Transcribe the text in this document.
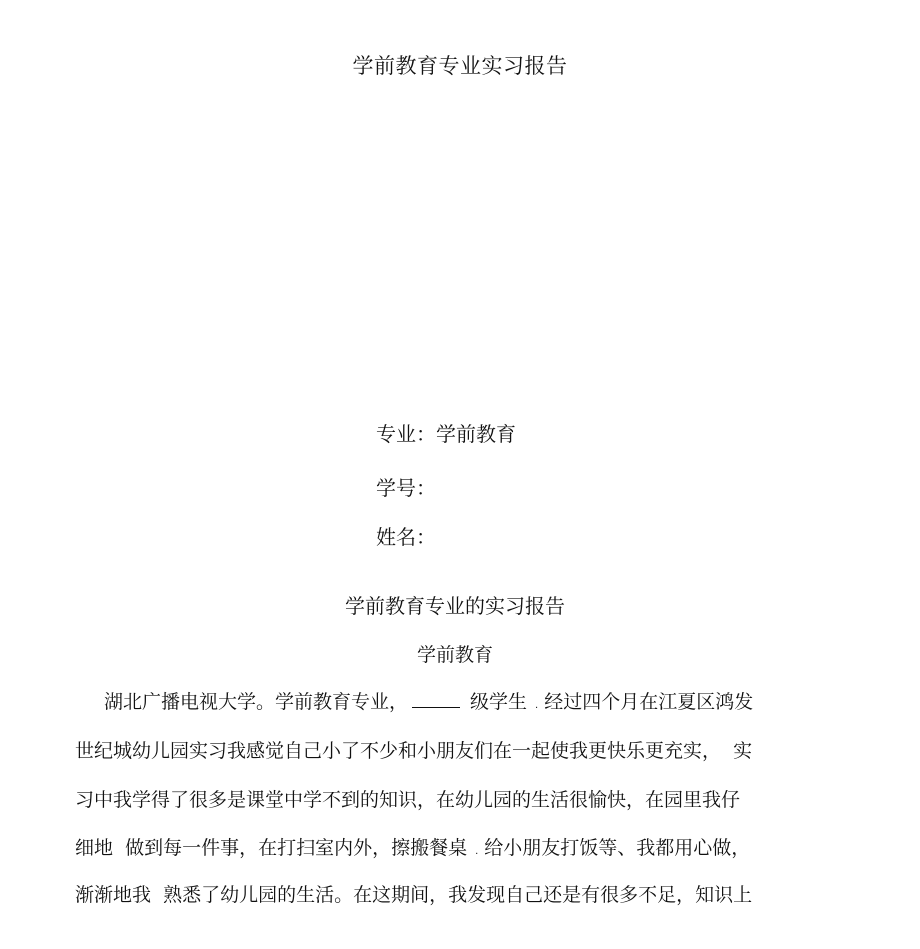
学前教育专业实习报告
专业：学前教育
学号：
姓名：
学前教育专业的实习报告
学前教育
湖北广播电视大学。学前教育专业，	级学生 . 经过四个月在江夏区鸿发
世纪城幼儿园实习我感觉自己小了不少和小朋友们在一起使我更快乐更充实，  实
习中我学得了很多是课堂中学不到的知识，在幼儿园的生活很愉快，在园里我仔
细地  做到每一件事，在打扫室内外，擦搬餐桌 . 给小朋友打饭等、我都用心做，
渐渐地我  熟悉了幼儿园的生活。在这期间，我发现自己还是有很多不足，知识上
